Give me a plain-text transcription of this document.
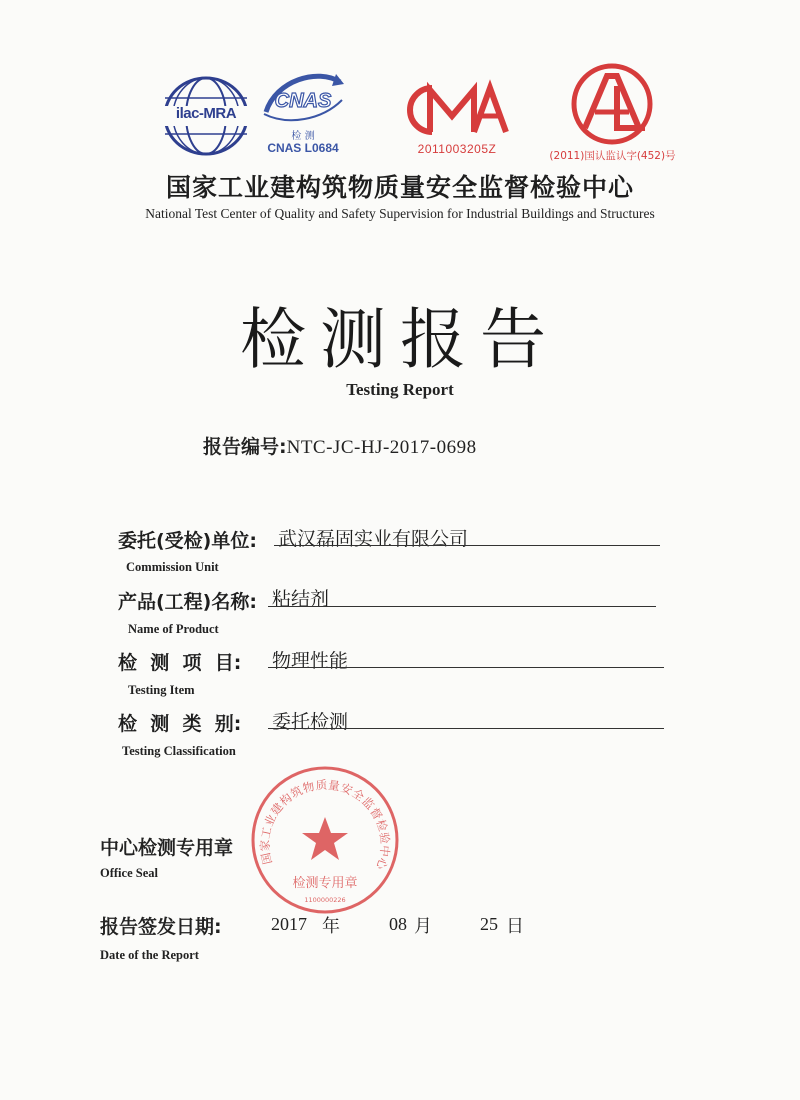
ilac-MRA
CNAS
检 测
CNAS L0684	2011003205Z	(2011)国认监认字(452)号
国家工业建构筑物质量安全监督检验中心
National Test Center of Quality and Safety Supervision for Industrial Buildings and Structures
检测报告
Testing Report
报告编号:NTC-JC-HJ-2017-0698
委托(受检)单位: 武汉磊固实业有限公司
Commission Unit
产品(工程)名称: 粘结剂
Name of Product
检  测  项  目: 物理性能
Testing Item
检  测  类  别: 委托检测
Testing Classification
中心检测专用章
Office Seal
国家工业建构筑物质量安全监督检验中心
检测专用章
1100000226
报告签发日期:	2017 年	08 月	25 日
Date of the Report
